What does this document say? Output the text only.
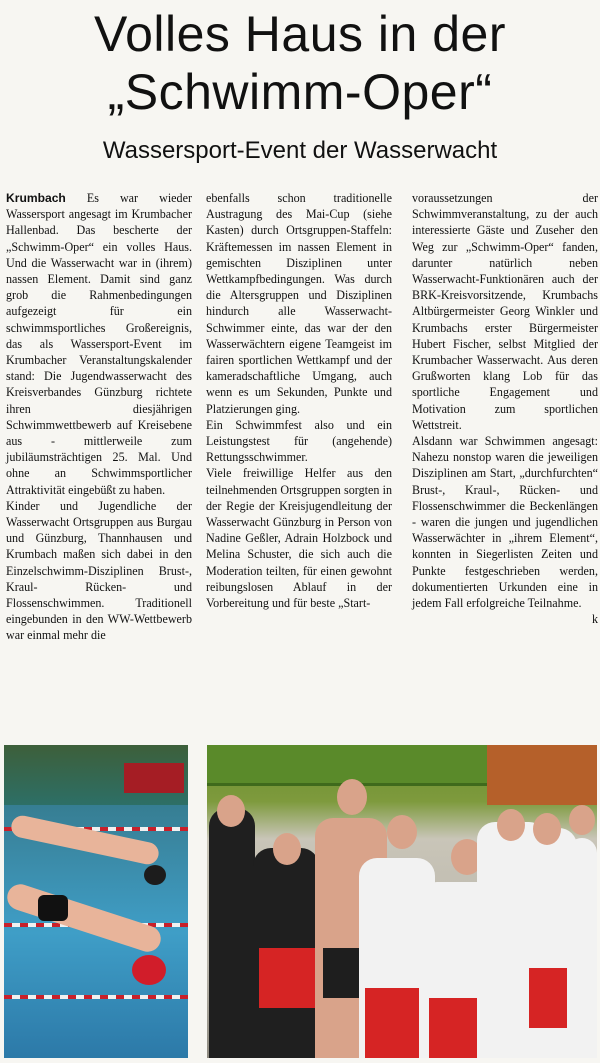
Volles Haus in der
„Schwimm-Oper“
Wassersport-Event der Wasserwacht

Krumbach Es war wieder Wassersport angesagt im Krumbacher Hallenbad. Das bescherte der „Schwimm-Oper“ ein volles Haus. Und die Wasserwacht war in (ihrem) nassen Element. Damit sind ganz grob die Rahmenbedingungen aufgezeigt für ein schwimmsportliches Großereignis, das als Wassersport-Event im Krumbacher Veranstaltungskalender stand: Die Jugendwasserwacht des Kreisverbandes Günzburg richtete ihren diesjährigen Schwimmwettbewerb auf Kreisebene aus - mittlerweile zum jubiläumsträchtigen 25. Mal. Und ohne an Schwimmsportlicher Attraktivität eingebüßt zu haben.

Kinder und Jugendliche der Wasserwacht Ortsgruppen aus Burgau und Günzburg, Thannhausen und Krumbach maßen sich dabei in den Einzelschwimm-Disziplinen Brust-, Kraul- Rücken- und Flossenschwimmen. Traditionell eingebunden in den WW-Wettbewerb war einmal mehr die

ebenfalls schon traditionelle Austragung des Mai-Cup (siehe Kasten) durch Ortsgruppen-Staffeln: Kräftemessen im nassen Element in gemischten Disziplinen unter Wettkampfbedingungen. Was durch die Altersgruppen und Disziplinen hindurch alle Wasserwacht-Schwimmer einte, das war der den Wasserwächtern eigene Teamgeist im fairen sportlichen Wettkampf und der kameradschaftliche Umgang, auch wenn es um Sekunden, Punkte und Platzierungen ging.

Ein Schwimmfest also und ein Leistungstest für (angehende) Rettungsschwimmer.

Viele freiwillige Helfer aus den teilnehmenden Ortsgruppen sorgten in der Regie der Kreisjugendleitung der Wasserwacht Günzburg in Person von Nadine Geßler, Adrain Holzbock und Melina Schuster, die sich auch die Moderation teilten, für einen gewohnt reibungslosen Ablauf in der Vorbereitung und für beste „Start-

voraussetzungen der Schwimmveranstaltung, zu der auch interessierte Gäste und Zuseher den Weg zur „Schwimm-Oper“ fanden, darunter natürlich neben Wasserwacht-Funktionären auch der BRK-Kreisvorsitzende, Krumbachs Altbürgermeister Georg Winkler und Krumbachs erster Bürgermeister Hubert Fischer, selbst Mitglied der Krumbacher Wasserwacht. Aus deren Grußworten klang Lob für das sportliche Engagement und Motivation zum sportlichen Wettstreit.

Alsdann war Schwimmen angesagt: Nahezu nonstop waren die jeweiligen Disziplinen am Start, „durchfurchten“ Brust-, Kraul-, Rücken- und Flossenschwimmer die Beckenlängen - waren die jungen und jugendlichen Wasserwächter in „ihrem Element“, konnten in Siegerlisten Zeiten und Punkte festgeschrieben werden, dokumentierten Urkunden eine in jedem Fall erfolgreiche Teilnahme.

k
